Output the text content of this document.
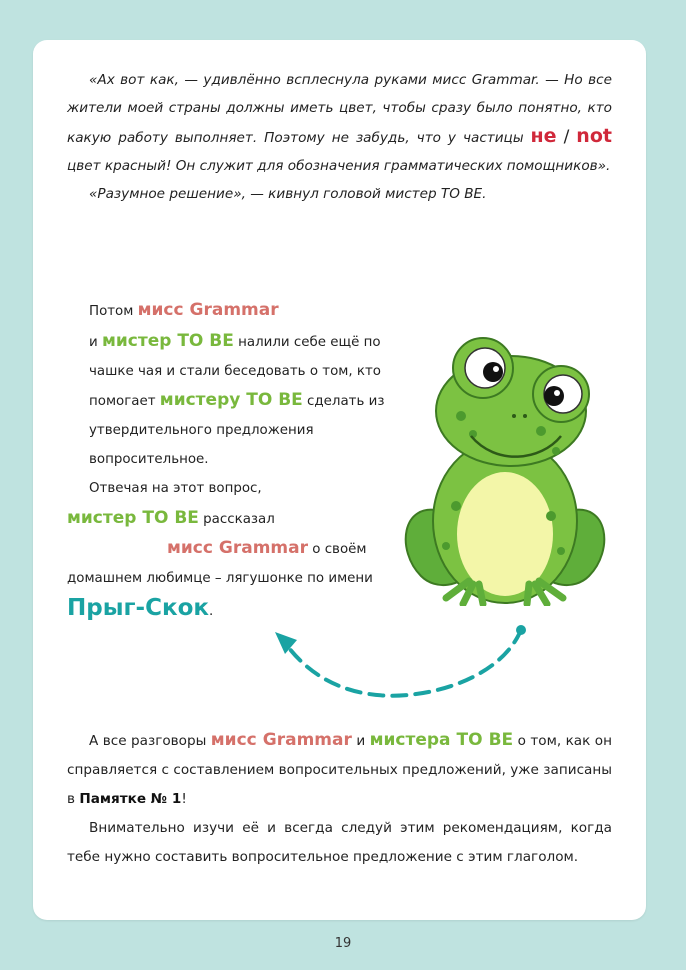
«Ах вот как, — удивлённо всплеснула руками мисс Grammar. — Но все жители моей страны должны иметь цвет, чтобы сразу было понятно, кто какую работу выполняет. Поэтому не забудь, что у частицы не / not цвет красный! Он служит для обозначения грамматических помощников».

«Разумное решение», — кивнул головой мистер TO BE.

Потом мисс Grammar
и мистер TO BE налили себе ещё по чашке чая и стали беседовать о том, кто помогает мистеру TO BE сделать из утвердительного предложения вопросительное.

Отвечая на этот вопрос,

мистер TO BE рассказал
мисс Grammar о своём домашнем любимце – лягушонке по имени
Прыг-Скок.

А все разговоры мисс Grammar и мистера TO BE о том, как он справляется с составлением вопросительных предложений, уже записаны в Памятке № 1!

Внимательно изучи её и всегда следуй этим рекомендациям, когда тебе нужно составить вопросительное предложение с этим глаголом.

19
